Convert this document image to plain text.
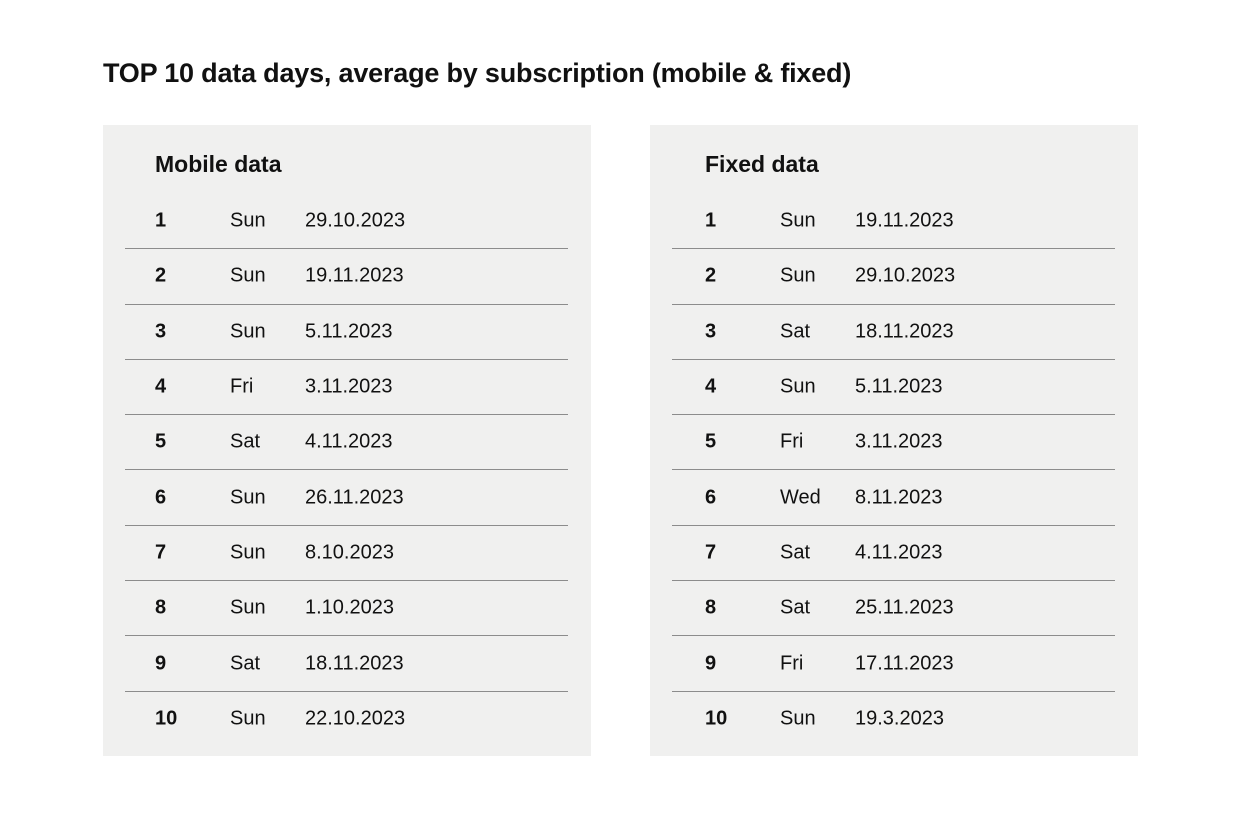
TOP 10 data days, average by subscription (mobile & fixed)
Mobile data
1	Sun 29.10.2023
2	Sun 19.11.2023
3	Sun 5.11.2023
4	Fri	3.11.2023
5	Sat 4.11.2023
6	Sun 26.11.2023
7	Sun 8.10.2023
8	Sun 1.10.2023
9	Sat 18.11.2023
10	Sun 22.10.2023
Fixed data
1	Sun 19.11.2023
2	Sun 29.10.2023
3	Sat 18.11.2023
4	Sun 5.11.2023
5	Fri	3.11.2023
6	Wed 8.11.2023
7	Sat 4.11.2023
8	Sat 25.11.2023
9	Fri	17.11.2023
10	Sun 19.3.2023
